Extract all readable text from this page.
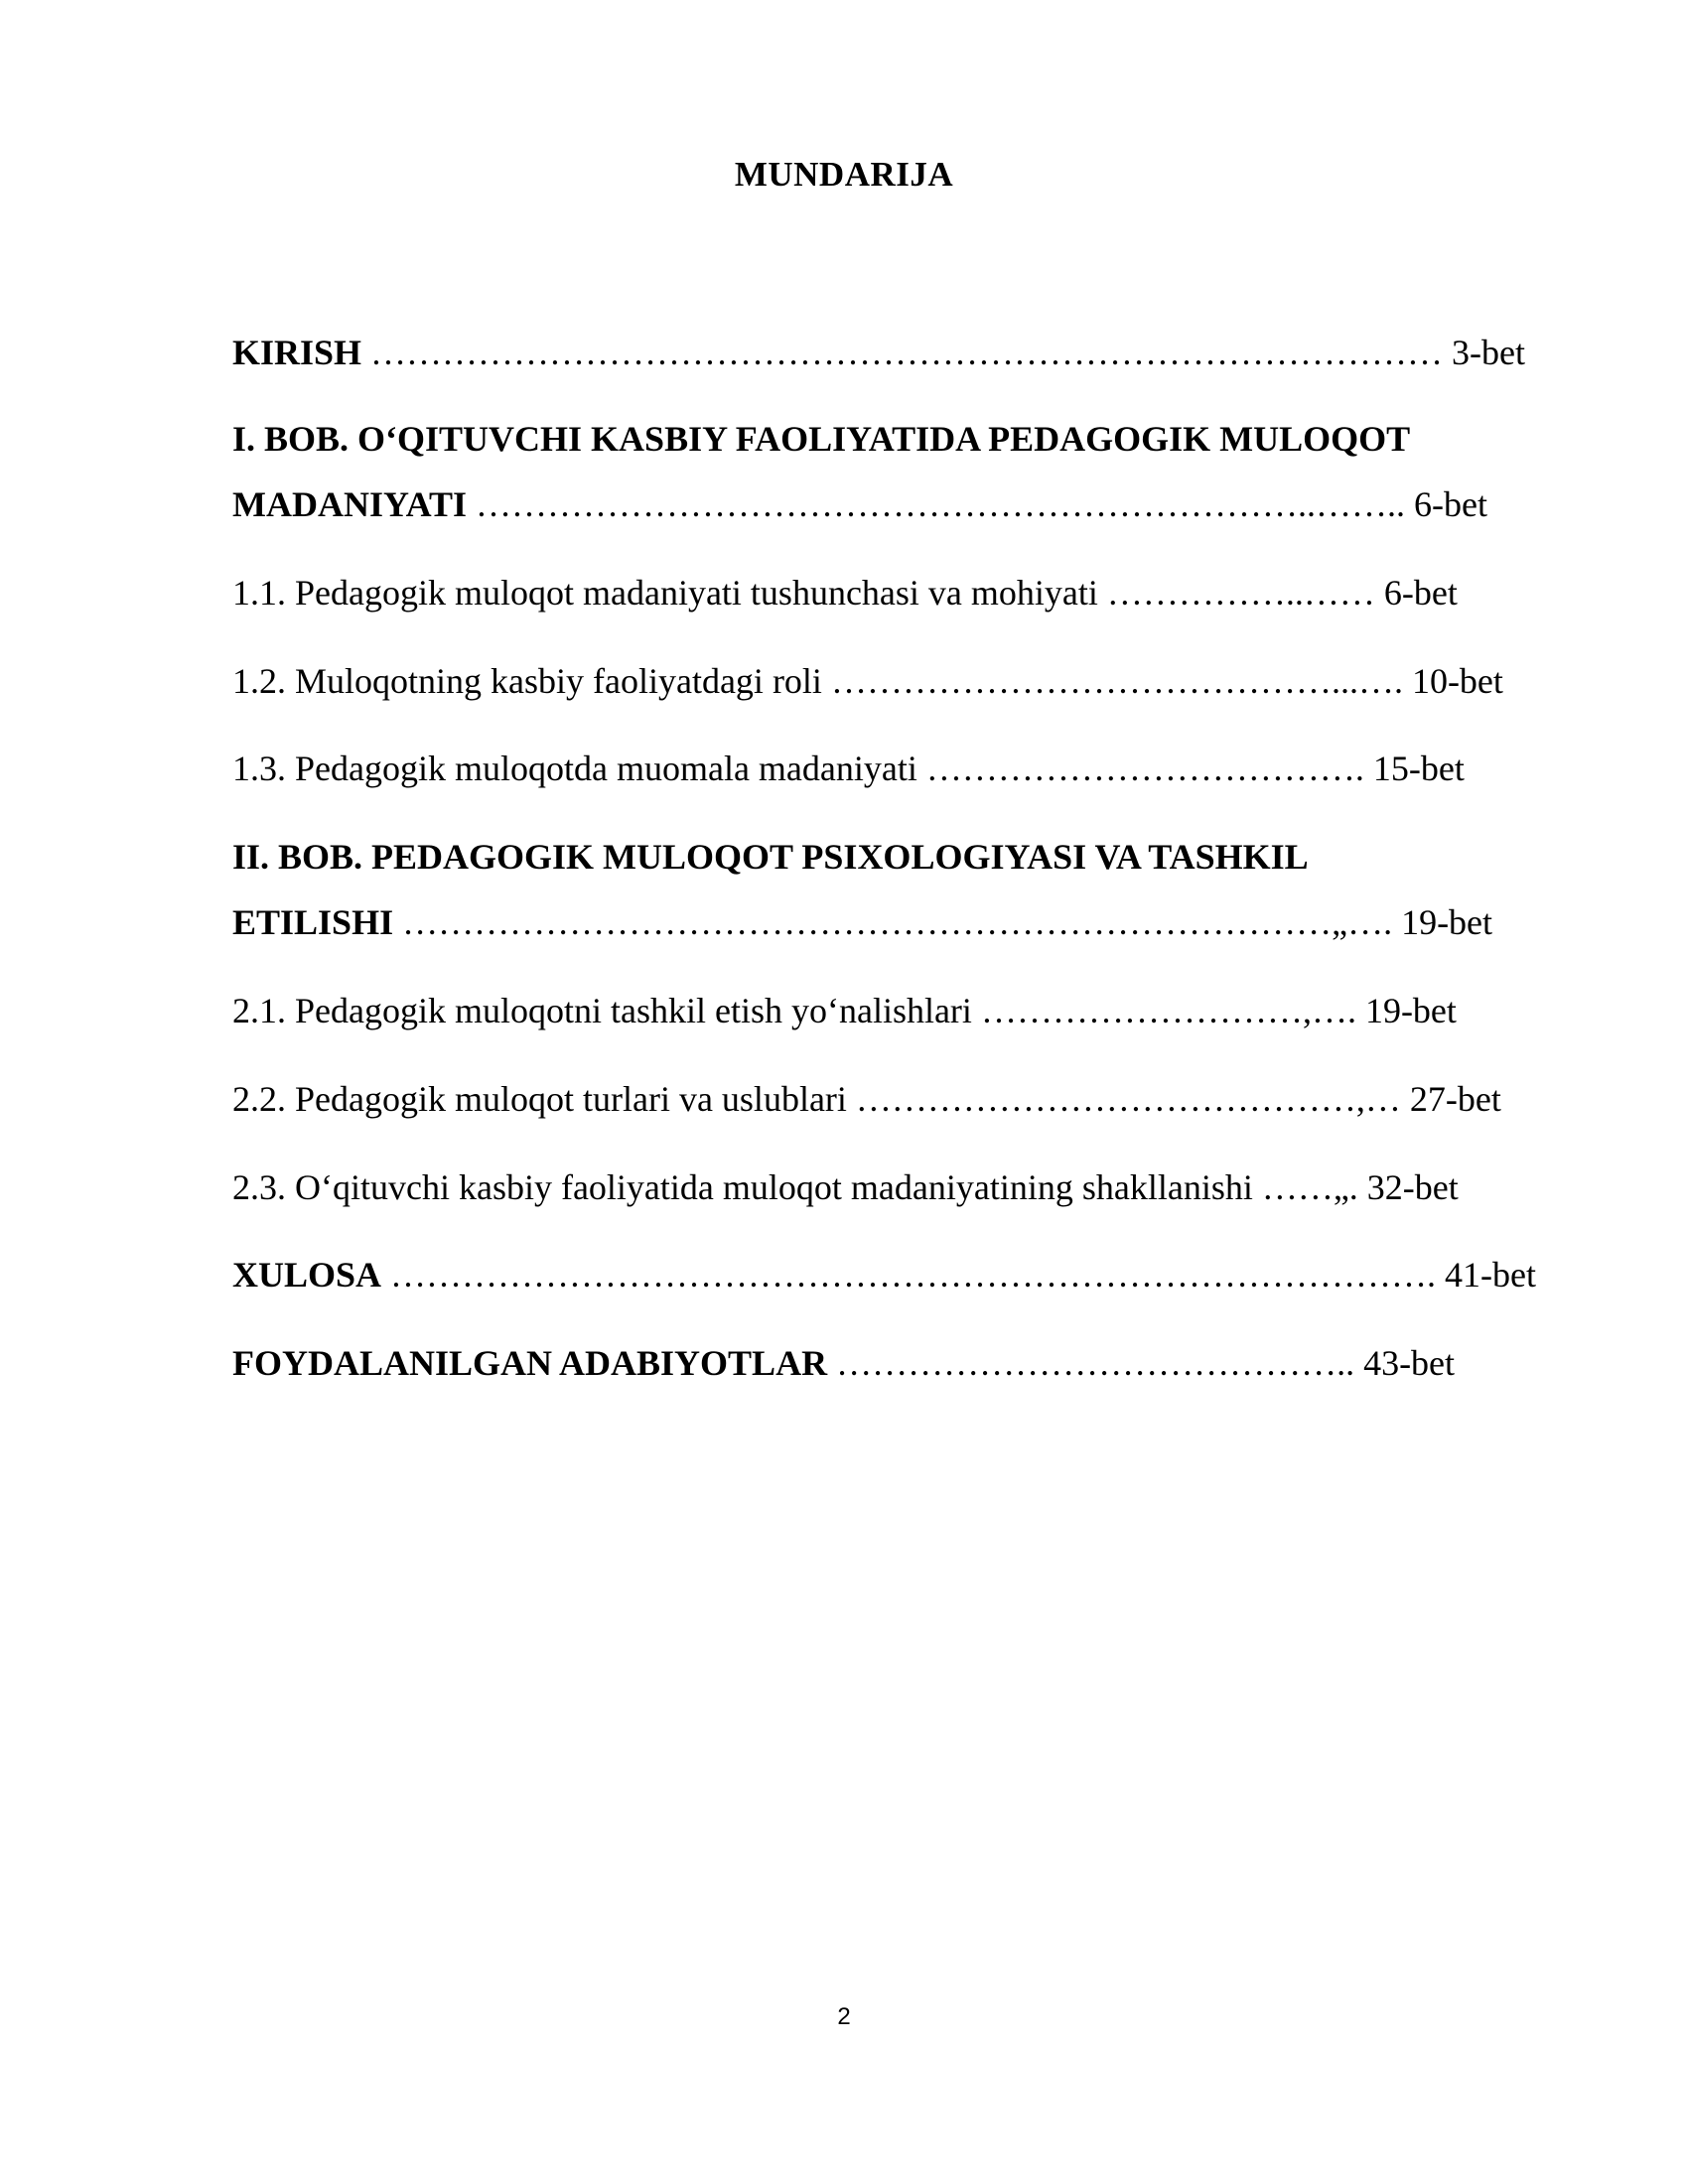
MUNDARIJA
KIRISH ……………………………………………………………………………… 3-bet
I. BOB. O‘QITUVCHI KASBIY FAOLIYATIDA PEDAGOGIK MULOQOT
MADANIYATI ……………………………………………………………..…….. 6-bet
1.1. Pedagogik muloqot madaniyati tushunchasi va mohiyati ……………..…… 6-bet
1.2. Muloqotning kasbiy faoliyatdagi roli ……………………………………...…. 10-bet
1.3. Pedagogik muloqotda muomala madaniyati ………………………………. 15-bet
II. BOB. PEDAGOGIK MULOQOT PSIXOLOGIYASI VA TASHKIL
ETILISHI ……………………………………………………………………„…. 19-bet
2.1. Pedagogik muloqotni tashkil etish yo‘nalishlari ………………………,…. 19-bet
2.2. Pedagogik muloqot turlari va uslublari ……………………………………,… 27-bet
2.3. O‘qituvchi kasbiy faoliyatida muloqot madaniyatining shakllanishi ……„. 32-bet
XULOSA ……………………………………………………………………………. 41-bet
FOYDALANILGAN ADABIYOTLAR …………………………………….. 43-bet
2
